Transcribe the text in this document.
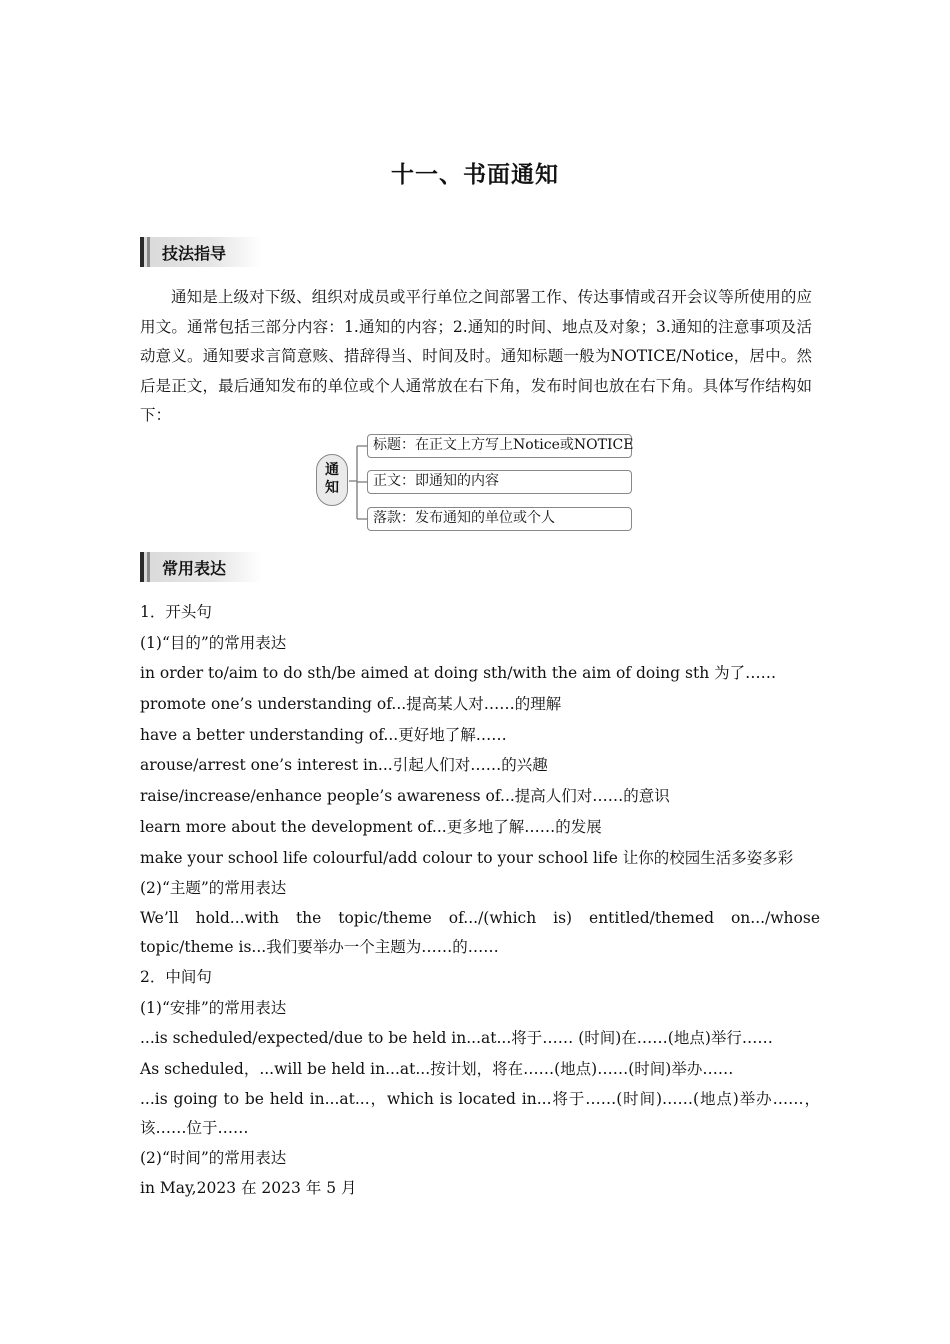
十一、书面通知
技法指导
通知是上级对下级、组织对成员或平行单位之间部署工作、传达事情或召开会议等所使用的应用文。通常包括三部分内容：1.通知的内容；2.通知的时间、地点及对象；3.通知的注意事项及活动意义。通知要求言简意赅、措辞得当、时间及时。通知标题一般为NOTICE/Notice，居中。然后是正文，最后通知发布的单位或个人通常放在右下角，发布时间也放在右下角。具体写作结构如下：
通知
标题：在正文上方写上Notice或NOTICE
正文：即通知的内容
落款：发布通知的单位或个人
常用表达
1．开头句
(1)“目的”的常用表达
in order to/aim to do sth/be aimed at doing sth/with the aim of doing sth 为了……
promote one’s understanding of...提高某人对……的理解
have a better understanding of...更好地了解……
arouse/arrest one’s interest in...引起人们对……的兴趣
raise/increase/enhance people’s awareness of...提高人们对……的意识
learn more about the development of...更多地了解……的发展
make your school life colourful/add colour to your school life 让你的校园生活多姿多彩
(2)“主题”的常用表达
We’ll hold...with the topic/theme of.../(which is) entitled/themed on.../whose topic/theme is...我们要举办一个主题为……的……
2．中间句
(1)“安排”的常用表达
...is scheduled/expected/due to be held in...at...将于…… (时间)在……(地点)举行……
As scheduled，...will be held in...at...按计划，将在……(地点)……(时间)举办……
...is going to be held in...at...，which is located in...将于……(时间)……(地点)举办……，该……位于……
(2)“时间”的常用表达
in May,2023 在 2023 年 5 月
